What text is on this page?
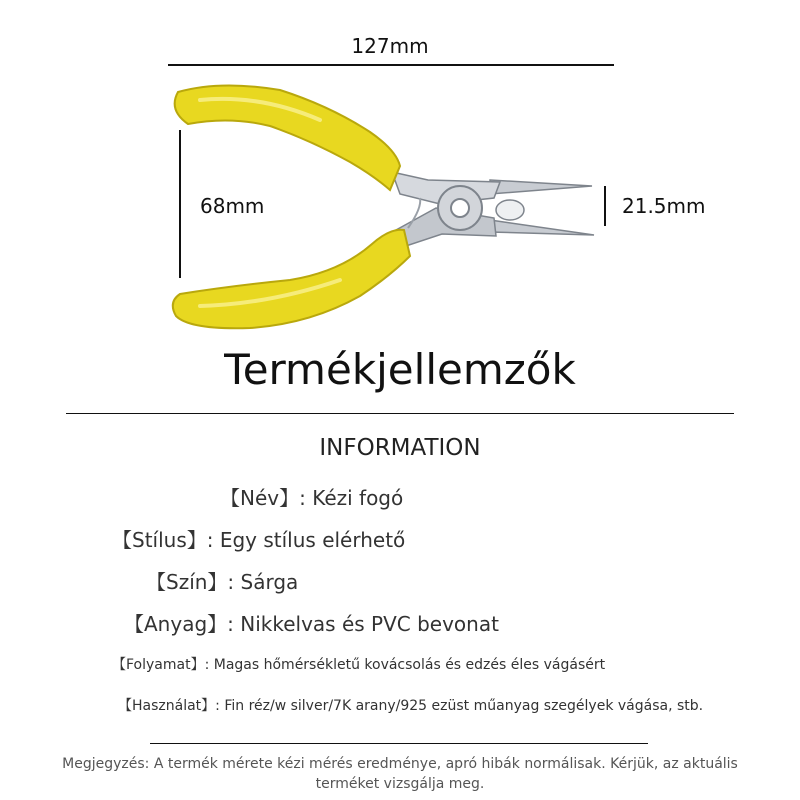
127mm
68mm	21.5mm
Termékjellemzők
INFORMATION
【Név】: Kézi fogó
【Stílus】: Egy stílus elérhető
【Szín】: Sárga
【Anyag】: Nikkelvas és PVC bevonat
【Folyamat】: Magas hőmérsékletű kovácsolás és edzés éles vágásért
【Használat】: Fin réz/w silver/7K arany/925 ezüst műanyag szegélyek vágása, stb.
Megjegyzés: A termék mérete kézi mérés eredménye, apró hibák normálisak. Kérjük, az aktuális terméket vizsgálja meg.
